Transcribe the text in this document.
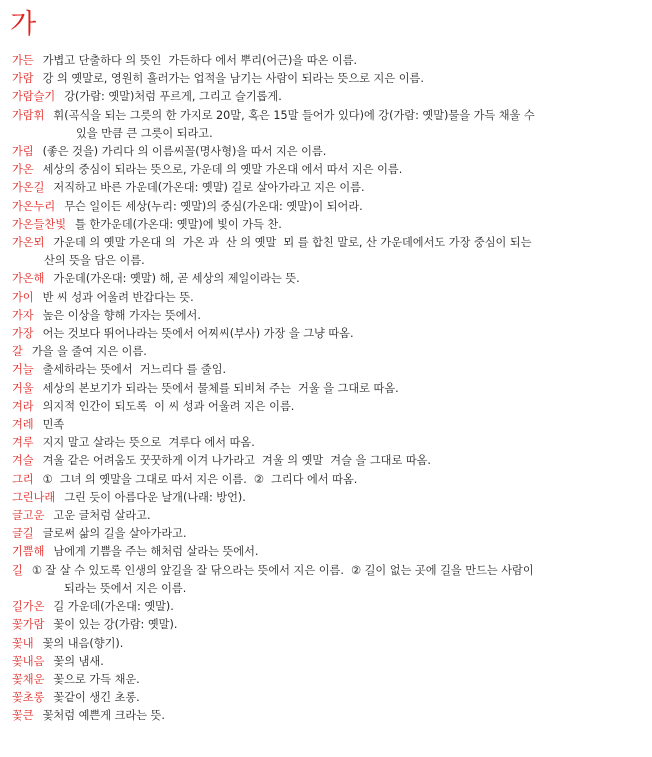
가
가든 가볍고 단출하다 의 뜻인  가든하다 에서 뿌리(어근)을 따온 이름.
가람 강 의 옛말로, 영원히 흘러가는 업적을 남기는 사람이 되라는 뜻으로 지은 이름.
가람슬기 강(가람: 옛말)처럼 푸르게, 그리고 슬기롭게.
가람휘 휘(곡식을 되는 그릇의 한 가지로 20말, 혹은 15말 들어가 있다)에 강(가람: 옛말)물을 가득 채울 수
있을 만큼 큰 그릇이 되라고.
가림 (좋은 것을) 가리다 의 이름씨꼴(명사형)을 따서 지은 이름.
가온 세상의 중심이 되라는 뜻으로, 가운데 의 옛말 가온대 에서 따서 지은 이름.
가온길 저직하고 바른 가운데(가온대: 옛말) 길로 살아가라고 지은 이름.
가온누리 무슨 일이든 세상(누리: 옛말)의 중심(가온대: 옛말)이 되어라.
가온들찬빛 틀 한가운데(가온대: 옛말)에 빛이 가득 찬.
가온뫼 가운데 의 옛말 가온대 의  가온 과  산 의 옛말  뫼 를 합친 말로, 산 가운데에서도 가장 중심이 되는
산의 뜻을 담은 이름.
가온해 가운데(가온대: 옛말) 해, 곧 세상의 제일이라는 뜻.
가이 반 씨 성과 어울려 반갑다는 뜻.
가자 높은 이상을 향해 가자는 뜻에서.
가장 어는 것보다 뛰어나라는 뜻에서 어찌씨(부사) 가장 을 그냥 따옴.
갈 가을 을 줄여 지은 이름.
거늘 출세하라는 뜻에서  거느리다 를 줄임.
거울 세상의 본보기가 되라는 뜻에서 물체를 되비쳐 주는  거울 을 그대로 따옴.
겨라 의지적 인간이 되도록  이 씨 성과 어울려 지은 이름.
겨레 민족
겨루 지지 말고 살라는 뜻으로  겨루다 에서 따옴.
겨슬 겨울 같은 어려움도 꿋꿋하게 이겨 나가라고  겨울 의 옛말  겨슬 을 그대로 따옴.
그리 ①  그녀 의 옛말을 그대로 따서 지은 이름.  ②  그리다 에서 따옴.
그린나래 그린 듯이 아름다운 날개(나래: 방언).
글고운 고운 글처럼 살라고.
글길 글로써 삶의 길을 살아가라고.
기쁨해 남에게 기쁨을 주는 해처럼 살라는 뜻에서.
길 ① 잘 살 수 있도록 인생의 앞길을 잘 닦으라는 뜻에서 지은 이름.  ② 길이 없는 곳에 길을 만드는 사람이
되라는 뜻에서 지은 이름.
길가온 길 가운데(가온대: 옛말).
꽃가람 꽃이 있는 강(가람: 옛말).
꽃내 꽃의 내음(향기).
꽃내음 꽃의 냄새.
꽃채운 꽃으로 가득 채운.
꽃초롱 꽃같이 생긴 초롱.
꽃큰 꽃처럼 예쁜게 크라는 뜻.
